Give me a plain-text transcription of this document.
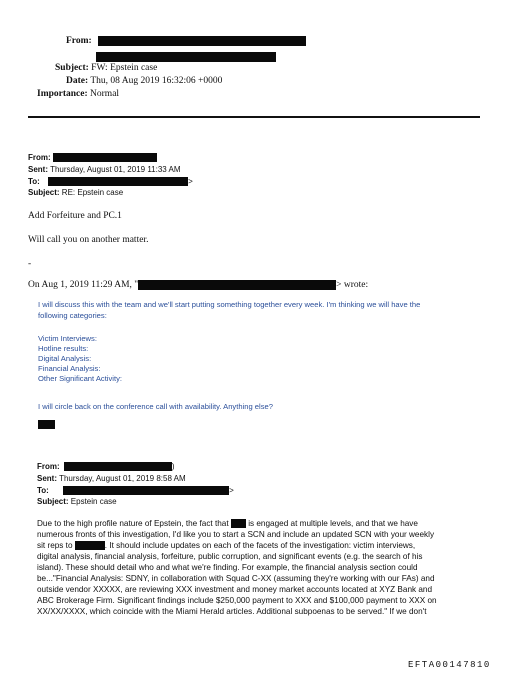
From:
Subject: FW: Epstein case
Date: Thu, 08 Aug 2019 16:32:06 +0000
Importance: Normal
From:
Sent: Thursday, August 01, 2019 11:33 AM
To:	>
Subject: RE: Epstein case
Add Forfeiture and PC.1
Will call you on another matter.
-
On Aug 1, 2019 11:29 AM, "	> wrote:
I will discuss this with the team and we'll start putting something together every week. I'm thinking we will have the
following categories:
Victim Interviews:
Hotline results:
Digital Analysis:
Financial Analysis:
Other Significant Activity:
I will circle back on the conference call with availability. Anything else?
From:	)
Sent: Thursday, August 01, 2019 8:58 AM
To:	>
Subject: Epstein case
Due to the high profile nature of Epstein, the fact that is engaged at multiple levels, and that we have
numerous fronts of this investigation, I'd like you to start a SCN and include an updated SCN with your weekly
sit reps to	. It should include updates on each of the facets of the investigation: victim interviews,
digital analysis, financial analysis, forfeiture, public corruption, and significant events (e.g. the search of his
island). These should detail who and what we're finding. For example, the financial analysis section could
be..."Financial Analysis: SDNY, in collaboration with Squad C-XX (assuming they're working with our FAs) and
outside vendor XXXXX, are reviewing XXX investment and money market accounts located at XYZ Bank and
ABC Brokerage Firm. Significant findings include $250,000 payment to XXX and $100,000 payment to XXX on
XX/XX/XXXX, which coincide with the Miami Herald articles. Additional subpoenas to be served." If we don't
EFTA00147810
